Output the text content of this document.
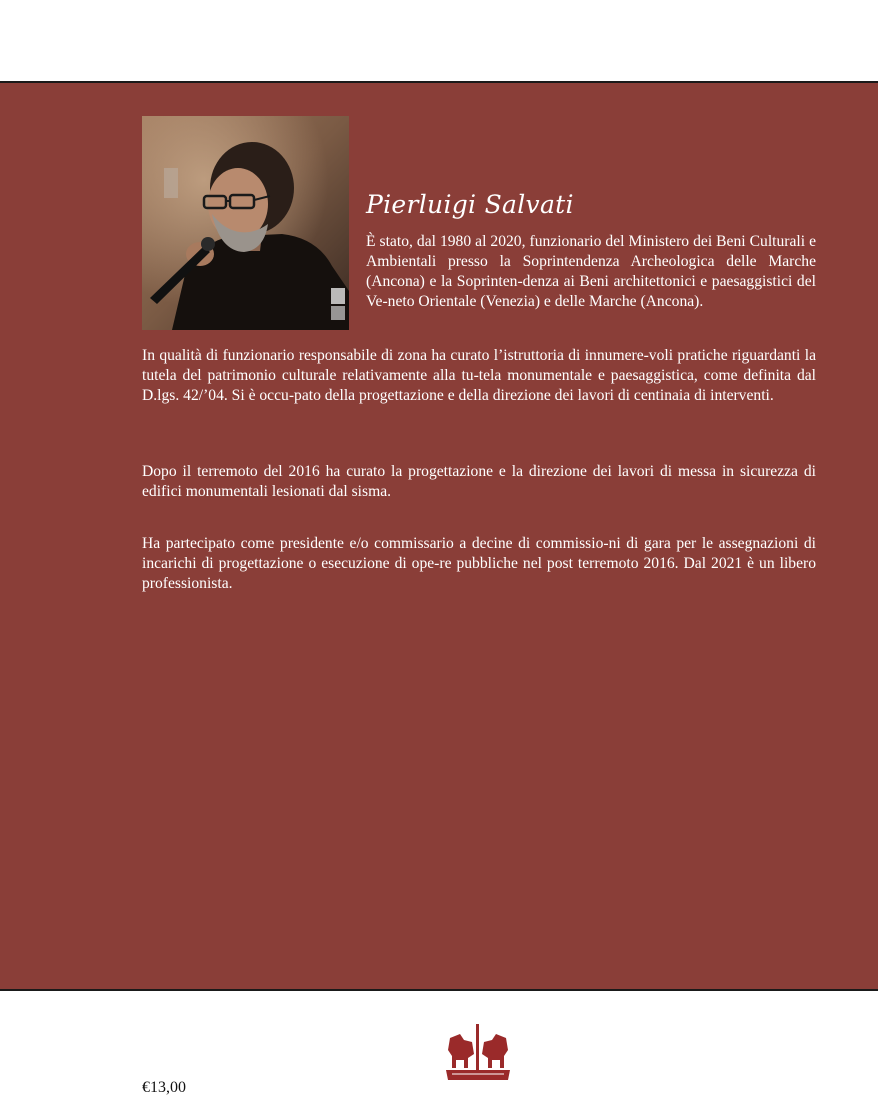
Pierluigi Salvati

È stato, dal 1980 al 2020, funzionario del Ministero dei Beni Culturali e Ambientali presso la Soprintendenza Archeologica delle Marche (Ancona) e la Soprinten-denza ai Beni architettonici e paesaggistici del Ve-neto Orientale (Venezia) e delle Marche (Ancona).

In qualità di funzionario responsabile di zona ha curato l’istruttoria di innumere-voli pratiche riguardanti la tutela del patrimonio culturale relativamente alla tu-tela monumentale e paesaggistica, come definita dal D.lgs. 42/’04. Si è occu-pato della progettazione e della direzione dei lavori di centinaia di interventi.

Dopo il terremoto del 2016 ha curato la progettazione e la direzione dei lavori di messa in sicurezza di edifici monumentali lesionati dal sisma.

Ha partecipato come presidente e/o commissario a decine di commissio-ni di gara per le assegnazioni di incarichi di progettazione o esecuzione di ope-re pubbliche nel post terremoto 2016. Dal 2021 è un libero professionista.

€13,00
